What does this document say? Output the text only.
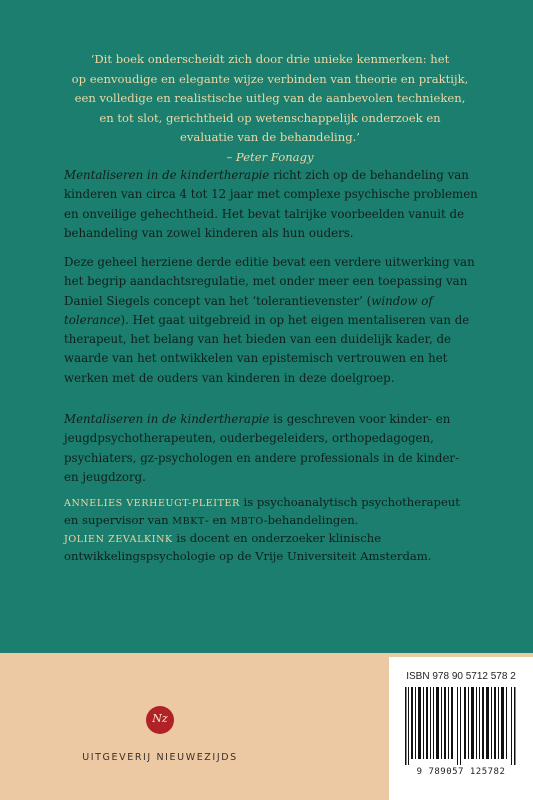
‘Dit boek onderscheidt zich door drie unieke kenmerken: het
op eenvoudige en elegante wijze verbinden van theorie en praktijk,
een volledige en realistische uitleg van de aanbevolen technieken,
en tot slot, gerichtheid op wetenschappelijk onderzoek en
evaluatie van de behandeling.’
– Peter Fonagy
Mentaliseren in de kindertherapie richt zich op de behandeling van
kinderen van circa 4 tot 12 jaar met complexe psychische problemen
en onveilige gehechtheid. Het bevat talrijke voorbeelden vanuit de
behandeling van zowel kinderen als hun ouders.
Deze geheel herziene derde editie bevat een verdere uitwerking van
het begrip aandachtsregulatie, met onder meer een toepassing van
Daniel Siegels concept van het ‘tolerantievenster’ (window of
tolerance). Het gaat uitgebreid in op het eigen mentaliseren van de
therapeut, het belang van het bieden van een duidelijk kader, de
waarde van het ontwikkelen van epistemisch vertrouwen en het
werken met de ouders van kinderen in deze doelgroep.
Mentaliseren in de kindertherapie is geschreven voor kinder- en
jeugdpsychotherapeuten, ouderbegeleiders, orthopedagogen,
psychiaters, gz-psychologen en andere professionals in de kinder-
en jeugdzorg.
ANNELIES VERHEUGT-PLEITER is psychoanalytisch psychotherapeut
en supervisor van MBKT- en MBTO-behandelingen.
JOLIEN ZEVALKINK is docent en onderzoeker klinische
ontwikkelingspsychologie op de Vrije Universiteit Amsterdam.
Nz
UITGEVERIJ NIEUWEZIJDS
ISBN 978 90 5712 578 2
9 789057 125782
